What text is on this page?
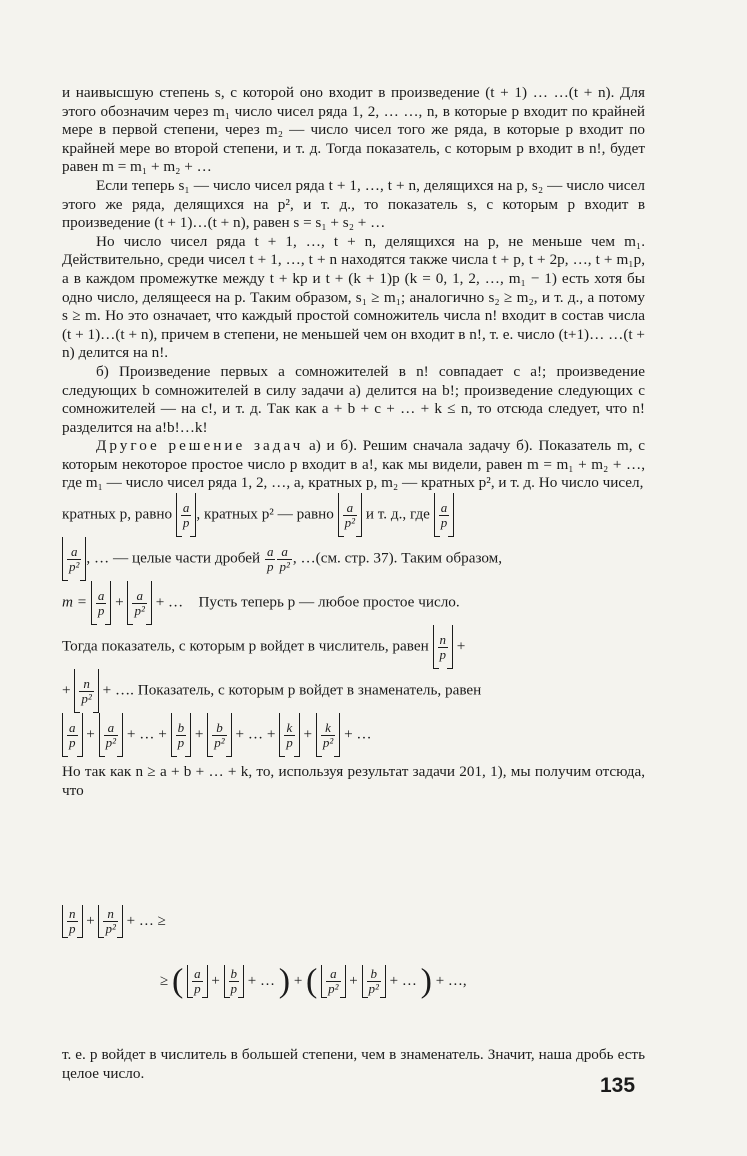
и наивысшую степень s, с которой оно входит в произведение (t + 1) … …(t + n). Для этого обозначим через m₁ число чисел ряда 1, 2, … …, n, в которые p входит по крайней мере в первой степени, через m₂ — число чисел того же ряда, в которые p входит по крайней мере во второй степени, и т. д. Тогда показатель, с которым p входит в n!, будет равен m = m₁ + m₂ + …

Если теперь s₁ — число чисел ряда t + 1, …, t + n, делящихся на p, s₂ — число чисел этого же ряда, делящихся на p², и т. д., то показатель s, с которым p входит в произведение (t + 1)…(t + n), равен s = s₁ + s₂ + …

Но число чисел ряда t + 1, …, t + n, делящихся на p, не меньше чем m₁. Действительно, среди чисел t + 1, …, t + n находятся также числа t + p, t + 2p, …, t + m₁p, а в каждом промежутке между t + kp и t + (k + 1)p (k = 0, 1, 2, …, m₁ − 1) есть хотя бы одно число, делящееся на p. Таким образом, s₁ ≥ m₁; аналогично s₂ ≥ m₂, и т. д., а потому s ≥ m. Но это означает, что каждый простой сомножитель числа n! входит в состав числа (t + 1)…(t + n), причем в степени, не меньшей чем он входит в n!, т. е. число (t+1)… …(t + n) делится на n!.

б) Произведение первых a сомножителей в n! совпадает с a!; произведение следующих b сомножителей в силу задачи а) делится на b!; произведение следующих c сомножителей — на c!, и т. д. Так как a + b + c + … + k ≤ n, то отсюда следует, что n! разделится на a!b!…k!

Другое решение задач а) и б). Решим сначала задачу б). Показатель m, с которым некоторое простое число p входит в a!, как мы видели, равен m = m₁ + m₂ + …, где m₁ — число чисел ряда 1, 2, …, a, кратных p, m₂ — кратных p², и т. д. Но число чисел,

кратных p, равно $\frac{a}{p}$ , кратных p² — равно $\frac{a}{\text{p²}}$ и т. д., где $\frac{a}{p}$

$\frac{a}{\text{p²}}$ , … — целые части дробей $\frac{a}{p} \frac{a}{\text{p²}}$ , …(см. стр. 37). Таким образом,

$m = \frac{a}{p} + \frac{a}{\text{p²}}$ + … Пусть теперь p — любое простое число.

Тогда показатель, с которым p войдет в числитель, равен $\frac{n}{p}$ +

+ $\frac{n}{\text{p²}}$ + …. Показатель, с которым p войдет в знаменатель, равен

$\frac{a}{p} + \frac{a}{\text{p²}}$ + … + $\frac{b}{p} + \frac{b}{\text{p²}}$ + … + $\frac{k}{p} + \frac{k}{\text{p²}}$ + …

Но так как n ≥ a + b + … + k, то, используя результат задачи 201, 1), мы получим отсюда, что

$\frac{n}{p} + \frac{n}{\text{p²}}$ + … ≥
≥ ( $\frac{a}{p} + \frac{b}{p}$ + … ) + ( $\frac{a}{\text{p²}} + \frac{b}{\text{p²}}$ + … ) + …,

т. е. p войдет в числитель в большей степени, чем в знаменатель. Значит, наша дробь есть целое число.

135
